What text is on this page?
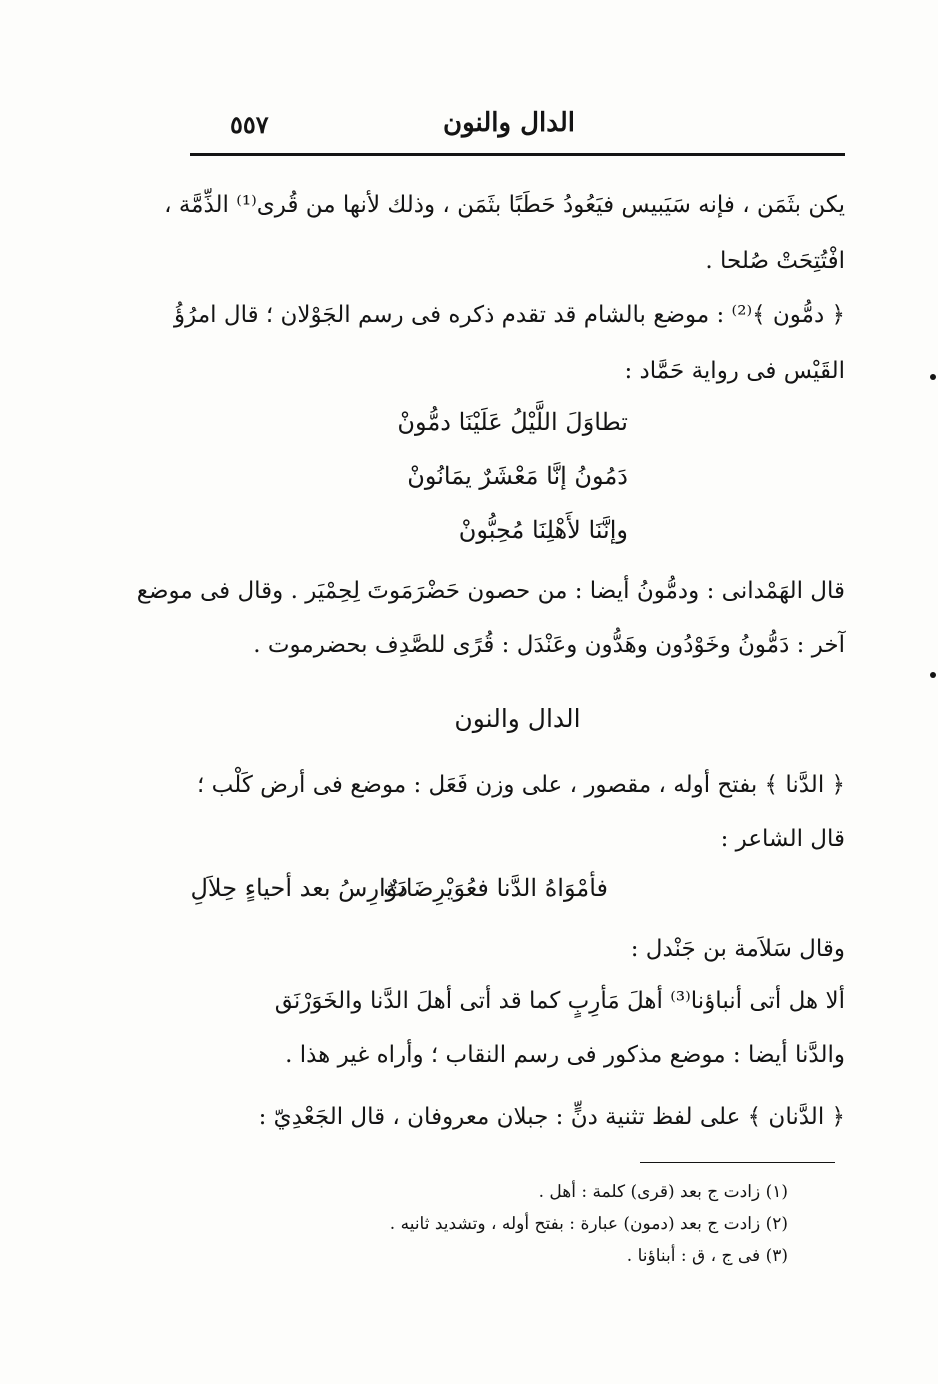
٥٥٧	الدال والنون
يكن بثَمَن ، فإنه سَيَبيس فيَعُودُ حَطَبًا بثَمَن ، وذلك لأنها من قُرى⁽¹⁾ الذِّمَّة ،
افْتُتِحَتْ صُلحا .
﴿ دمُّون ﴾⁽²⁾ : موضع بالشام قد تقدم ذكره فى رسم الجَوْلان ؛ قال امرُؤُ
القَيْس فى رواية حَمَّاد :
تطاوَلَ اللَّيْلُ عَلَيْنَا دمُّونْ
دَمُونُ إنَّا مَعْشَرٌ يمَانُونْ
وإنَّنَا لأَهْلِنَا مُحِبُّونْ
قال الهَمْدانى : ودمُّونُ أيضا : من حصون حَضْرَمَوتَ لِحِمْيَر . وقال فى موضع
آخر : دَمُّونُ وخَوْدُون وهَدُّون وعَنْدَل : قُرًى للصَّدِف بحضرموت .
الدال والنون
﴿ الدَّنا ﴾ بفتح أوله ، مقصور ، على وزن فَعَل : موضع فى أرض كَلْب ؛
قال الشاعر :
فأمْوَاهُ الدَّنا فعُوَيْرِضَاتٌ
دَوَارِسُ بعد أحياءٍ حِلاَلِ
وقال سَلاَمة بن جَنْدل :
ألا هل أتى أنباؤنا⁽³⁾ أهلَ مَأرِبٍ كما قد أتى أهلَ الدَّنا والخَوَرْنَق
والدَّنا أيضا : موضع مذكور فى رسم النقاب ؛ وأراه غير هذا .
﴿ الدَّنان ﴾ على لفظ تثنية دنٍّ : جبلان معروفان ، قال الجَعْدِيّ :
(١) زادت ج بعد (قرى) كلمة : أهل .
(٢) زادت ج بعد (دمون) عبارة : بفتح أوله ، وتشديد ثانيه .
(٣) فى ج ، ق : أبناؤنا .
